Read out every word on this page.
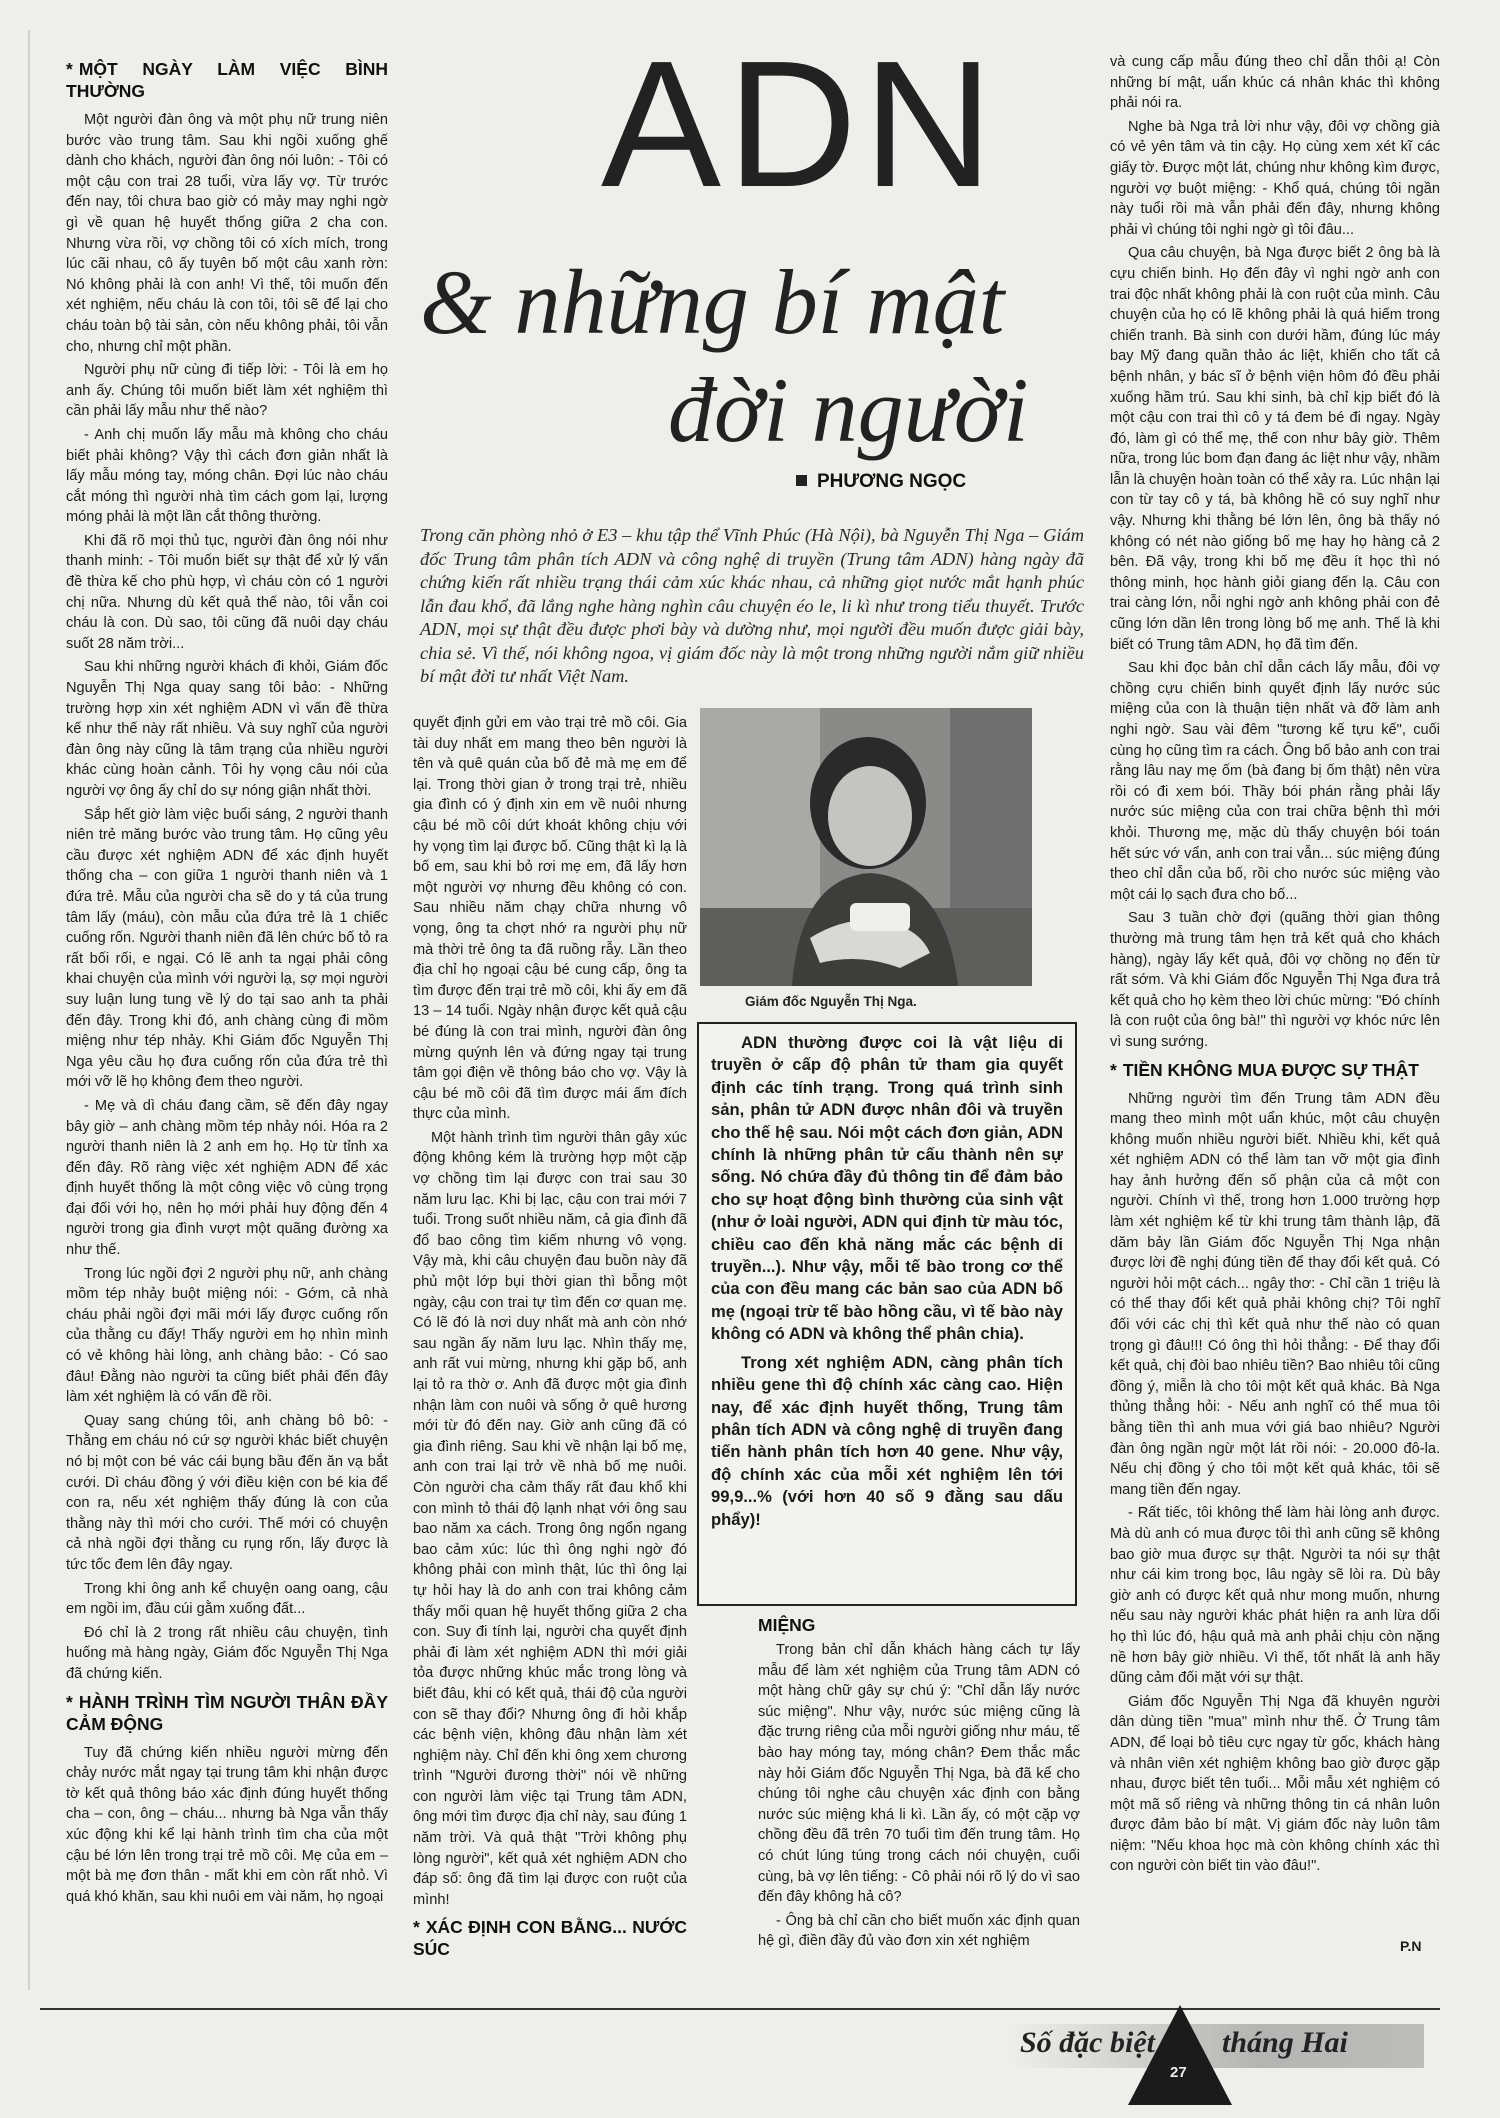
* MỘT NGÀY LÀM VIỆC BÌNH THƯỜNG

Một người đàn ông và một phụ nữ trung niên bước vào trung tâm. Sau khi ngồi xuống ghế dành cho khách, người đàn ông nói luôn: - Tôi có một cậu con trai 28 tuổi, vừa lấy vợ. Từ trước đến nay, tôi chưa bao giờ có mảy may nghi ngờ gì về quan hệ huyết thống giữa 2 cha con. Nhưng vừa rồi, vợ chồng tôi có xích mích, trong lúc cãi nhau, cô ấy tuyên bố một câu xanh rờn: Nó không phải là con anh! Vì thế, tôi muốn đến xét nghiệm, nếu cháu là con tôi, tôi sẽ để lại cho cháu toàn bộ tài sản, còn nếu không phải, tôi vẫn cho, nhưng chỉ một phần.

Người phụ nữ cùng đi tiếp lời: - Tôi là em họ anh ấy. Chúng tôi muốn biết làm xét nghiệm thì cần phải lấy mẫu như thế nào?

- Anh chị muốn lấy mẫu mà không cho cháu biết phải không? Vậy thì cách đơn giản nhất là lấy mẫu móng tay, móng chân. Đợi lúc nào cháu cắt móng thì người nhà tìm cách gom lại, lượng móng phải là một lần cắt thông thường.

Khi đã rõ mọi thủ tục, người đàn ông nói như thanh minh: - Tôi muốn biết sự thật để xử lý vấn đề thừa kế cho phù hợp, vì cháu còn có 1 người chị nữa. Nhưng dù kết quả thế nào, tôi vẫn coi cháu là con. Dù sao, tôi cũng đã nuôi dạy cháu suốt 28 năm trời...

Sau khi những người khách đi khỏi, Giám đốc Nguyễn Thị Nga quay sang tôi bảo: - Những trường hợp xin xét nghiệm ADN vì vấn đề thừa kế như thế này rất nhiều. Và suy nghĩ của người đàn ông này cũng là tâm trạng của nhiều người khác cùng hoàn cảnh. Tôi hy vọng câu nói của người vợ ông ấy chỉ do sự nóng giận nhất thời.

Sắp hết giờ làm việc buổi sáng, 2 người thanh niên trẻ măng bước vào trung tâm. Họ cũng yêu cầu được xét nghiệm ADN để xác định huyết thống cha – con giữa 1 người thanh niên và 1 đứa trẻ. Mẫu của người cha sẽ do y tá của trung tâm lấy (máu), còn mẫu của đứa trẻ là 1 chiếc cuống rốn. Người thanh niên đã lên chức bố tỏ ra rất bối rối, e ngại. Có lẽ anh ta ngại phải công khai chuyện của mình với người lạ, sợ mọi người suy luận lung tung về lý do tại sao anh ta phải đến đây. Trong khi đó, anh chàng cùng đi mồm miệng như tép nhảy. Khi Giám đốc Nguyễn Thị Nga yêu cầu họ đưa cuống rốn của đứa trẻ thì mới vỡ lẽ họ không đem theo người.

- Mẹ và dì cháu đang cầm, sẽ đến đây ngay bây giờ – anh chàng mồm tép nhảy nói. Hóa ra 2 người thanh niên là 2 anh em họ. Họ từ tỉnh xa đến đây. Rõ ràng việc xét nghiệm ADN để xác định huyết thống là một công việc vô cùng trọng đại đối với họ, nên họ mới phải huy động đến 4 người trong gia đình vượt một quãng đường xa như thế.

Trong lúc ngồi đợi 2 người phụ nữ, anh chàng mồm tép nhảy buột miệng nói: - Gớm, cả nhà cháu phải ngồi đợi mãi mới lấy được cuống rốn của thằng cu đấy! Thấy người em họ nhìn mình có vẻ không hài lòng, anh chàng bảo: - Có sao đâu! Đằng nào người ta cũng biết phải đến đây làm xét nghiệm là có vấn đề rồi.

Quay sang chúng tôi, anh chàng bô bô: - Thằng em cháu nó cứ sợ người khác biết chuyện nó bị một con bé vác cái bụng bầu đến ăn vạ bắt cưới. Dì cháu đồng ý với điều kiện con bé kia để con ra, nếu xét nghiệm thấy đúng là con của thằng này thì mới cho cưới. Thế mới có chuyện cả nhà ngồi đợi thằng cu rụng rốn, lấy được là tức tốc đem lên đây ngay.

Trong khi ông anh kể chuyện oang oang, cậu em ngồi im, đầu cúi gằm xuống đất...

Đó chỉ là 2 trong rất nhiều câu chuyện, tình huống mà hàng ngày, Giám đốc Nguyễn Thị Nga đã chứng kiến.

* HÀNH TRÌNH TÌM NGƯỜI THÂN ĐẦY CẢM ĐỘNG

Tuy đã chứng kiến nhiều người mừng đến chảy nước mắt ngay tại trung tâm khi nhận được tờ kết quả thông báo xác định đúng huyết thống cha – con, ông – cháu... nhưng bà Nga vẫn thấy xúc động khi kể lại hành trình tìm cha của một cậu bé lớn lên trong trại trẻ mồ côi. Mẹ của em – một bà mẹ đơn thân - mất khi em còn rất nhỏ. Vì quá khó khăn, sau khi nuôi em vài năm, họ ngoại

ADN
& những bí mật
đời người
PHƯƠNG NGỌC
Trong căn phòng nhỏ ở E3 – khu tập thể Vĩnh Phúc (Hà Nội), bà Nguyễn Thị Nga – Giám đốc Trung tâm phân tích ADN và công nghệ di truyền (Trung tâm ADN) hàng ngày đã chứng kiến rất nhiều trạng thái cảm xúc khác nhau, cả những giọt nước mắt hạnh phúc lẫn đau khổ, đã lắng nghe hàng nghìn câu chuyện éo le, li kì như trong tiểu thuyết. Trước ADN, mọi sự thật đều được phơi bày và dường như, mọi người đều muốn được giải bày, chia sẻ. Vì thế, nói không ngoa, vị giám đốc này là một trong những người nắm giữ nhiều bí mật đời tư nhất Việt Nam.

quyết định gửi em vào trại trẻ mồ côi. Gia tài duy nhất em mang theo bên người là tên và quê quán của bố đẻ mà mẹ em để lại. Trong thời gian ở trong trại trẻ, nhiều gia đình có ý định xin em về nuôi nhưng cậu bé mồ côi dứt khoát không chịu với hy vọng tìm lại được bố. Cũng thật kì lạ là bố em, sau khi bỏ rơi mẹ em, đã lấy hơn một người vợ nhưng đều không có con. Sau nhiều năm chạy chữa nhưng vô vọng, ông ta chợt nhớ ra người phụ nữ mà thời trẻ ông ta đã ruồng rẫy. Lần theo địa chỉ họ ngoại cậu bé cung cấp, ông ta tìm được đến trại trẻ mồ côi, khi ấy em đã 13 – 14 tuổi. Ngày nhận được kết quả cậu bé đúng là con trai mình, người đàn ông mừng quýnh lên và đứng ngay tại trung tâm gọi điện về thông báo cho vợ. Vậy là cậu bé mồ côi đã tìm được mái ấm đích thực của mình.

Một hành trình tìm người thân gây xúc động không kém là trường hợp một cặp vợ chồng tìm lại được con trai sau 30 năm lưu lạc. Khi bị lạc, cậu con trai mới 7 tuổi. Trong suốt nhiều năm, cả gia đình đã đổ bao công tìm kiếm nhưng vô vọng. Vậy mà, khi câu chuyện đau buồn này đã phủ một lớp bụi thời gian thì bỗng một ngày, cậu con trai tự tìm đến cơ quan mẹ. Có lẽ đó là nơi duy nhất mà anh còn nhớ sau ngần ấy năm lưu lạc. Nhìn thấy mẹ, anh rất vui mừng, nhưng khi gặp bố, anh lại tỏ ra thờ ơ. Anh đã được một gia đình nhận làm con nuôi và sống ở quê hương mới từ đó đến nay. Giờ anh cũng đã có gia đình riêng. Sau khi về nhận lại bố mẹ, anh con trai lại trở về nhà bố mẹ nuôi. Còn người cha cảm thấy rất đau khổ khi con mình tỏ thái độ lạnh nhạt với ông sau bao năm xa cách. Trong ông ngổn ngang bao cảm xúc: lúc thì ông nghi ngờ đó không phải con mình thật, lúc thì ông lại tự hỏi hay là do anh con trai không cảm thấy mối quan hệ huyết thống giữa 2 cha con. Suy đi tính lại, người cha quyết định phải đi làm xét nghiệm ADN thì mới giải tỏa được những khúc mắc trong lòng và biết đâu, khi có kết quả, thái độ của người con sẽ thay đổi? Nhưng ông đi hỏi khắp các bệnh viện, không đâu nhận làm xét nghiệm này. Chỉ đến khi ông xem chương trình "Người đương thời" nói về những con người làm việc tại Trung tâm ADN, ông mới tìm được địa chỉ này, sau đúng 1 năm trời. Và quả thật "Trời không phụ lòng người", kết quả xét nghiệm ADN cho đáp số: ông đã tìm lại được con ruột của mình!

* XÁC ĐỊNH CON BẰNG... NƯỚC SÚC
Giám đốc Nguyễn Thị Nga.

ADN thường được coi là vật liệu di truyền ở cấp độ phân tử tham gia quyết định các tính trạng. Trong quá trình sinh sản, phân tử ADN được nhân đôi và truyền cho thế hệ sau. Nói một cách đơn giản, ADN chính là những phân tử cấu thành nên sự sống. Nó chứa đầy đủ thông tin để đảm bảo cho sự hoạt động bình thường của sinh vật (như ở loài người, ADN qui định từ màu tóc, chiều cao đến khả năng mắc các bệnh di truyền...). Như vậy, mỗi tế bào trong cơ thể của con đều mang các bản sao của ADN bố mẹ (ngoại trừ tế bào hồng cầu, vì tế bào này không có ADN và không thể phân chia).

Trong xét nghiệm ADN, càng phân tích nhiều gene thì độ chính xác càng cao. Hiện nay, để xác định huyết thống, Trung tâm phân tích ADN và công nghệ di truyền đang tiến hành phân tích hơn 40 gene. Như vậy, độ chính xác của mỗi xét nghiệm lên tới 99,9...% (với hơn 40 số 9 đằng sau dấu phẩy)!

MIỆNG

Trong bản chỉ dẫn khách hàng cách tự lấy mẫu để làm xét nghiệm của Trung tâm ADN có một hàng chữ gây sự chú ý: "Chỉ dẫn lấy nước súc miệng". Như vậy, nước súc miệng cũng là đặc trưng riêng của mỗi người giống như máu, tế bào hay móng tay, móng chân? Đem thắc mắc này hỏi Giám đốc Nguyễn Thị Nga, bà đã kể cho chúng tôi nghe câu chuyện xác định con bằng nước súc miệng khá li kì. Lần ấy, có một cặp vợ chồng đều đã trên 70 tuổi tìm đến trung tâm. Họ có chút lúng túng trong cách nói chuyện, cuối cùng, bà vợ lên tiếng: - Cô phải nói rõ lý do vì sao đến đây không hả cô?

- Ông bà chỉ cần cho biết muốn xác định quan hệ gì, điền đầy đủ vào đơn xin xét nghiệm

và cung cấp mẫu đúng theo chỉ dẫn thôi ạ! Còn những bí mật, uẩn khúc cá nhân khác thì không phải nói ra.

Nghe bà Nga trả lời như vậy, đôi vợ chồng già có vẻ yên tâm và tin cậy. Họ cùng xem xét kĩ các giấy tờ. Được một lát, chúng như không kìm được, người vợ buột miệng: - Khổ quá, chúng tôi ngần này tuổi rồi mà vẫn phải đến đây, nhưng không phải vì chúng tôi nghi ngờ gì tôi đâu...

Qua câu chuyện, bà Nga được biết 2 ông bà là cựu chiến binh. Họ đến đây vì nghi ngờ anh con trai độc nhất không phải là con ruột của mình. Câu chuyện của họ có lẽ không phải là quá hiếm trong chiến tranh. Bà sinh con dưới hầm, đúng lúc máy bay Mỹ đang quần thảo ác liệt, khiến cho tất cả bệnh nhân, y bác sĩ ở bệnh viện hôm đó đều phải xuống hầm trú. Sau khi sinh, bà chỉ kịp biết đó là một cậu con trai thì cô y tá đem bé đi ngay. Ngày đó, làm gì có thể mẹ, thế con như bây giờ. Thêm nữa, trong lúc bom đạn đang ác liệt như vậy, nhầm lẫn là chuyện hoàn toàn có thể xảy ra. Lúc nhận lại con từ tay cô y tá, bà không hề có suy nghĩ như vậy. Nhưng khi thằng bé lớn lên, ông bà thấy nó không có nét nào giống bố mẹ hay họ hàng cả 2 bên. Đã vậy, trong khi bố mẹ đều ít học thì nó thông minh, học hành giỏi giang đến lạ. Câu con trai càng lớn, nỗi nghi ngờ anh không phải con đẻ cũng lớn dần lên trong lòng bố mẹ anh. Thế là khi biết có Trung tâm ADN, họ đã tìm đến.

Sau khi đọc bản chỉ dẫn cách lấy mẫu, đôi vợ chồng cựu chiến binh quyết định lấy nước súc miệng của con là thuận tiện nhất và đỡ làm anh nghi ngờ. Sau vài đêm "tương kế tựu kế", cuối cùng họ cũng tìm ra cách. Ông bố bảo anh con trai rằng lâu nay mẹ ốm (bà đang bị ốm thật) nên vừa rồi có đi xem bói. Thầy bói phán rằng phải lấy nước súc miệng của con trai chữa bệnh thì mới khỏi. Thương mẹ, mặc dù thấy chuyện bói toán hết sức vớ vẩn, anh con trai vẫn... súc miệng đúng theo chỉ dẫn của bố, rồi cho nước súc miệng vào một cái lọ sạch đưa cho bố...

Sau 3 tuần chờ đợi (quãng thời gian thông thường mà trung tâm hẹn trả kết quả cho khách hàng), ngày lấy kết quả, đôi vợ chồng nọ đến từ rất sớm. Và khi Giám đốc Nguyễn Thị Nga đưa trả kết quả cho họ kèm theo lời chúc mừng: "Đó chính là con ruột của ông bà!" thì người vợ khóc nức lên vì sung sướng.

* TIỀN KHÔNG MUA ĐƯỢC SỰ THẬT

Những người tìm đến Trung tâm ADN đều mang theo mình một uẩn khúc, một câu chuyện không muốn nhiều người biết. Nhiều khi, kết quả xét nghiệm ADN có thể làm tan vỡ một gia đình hay ảnh hưởng đến số phận của cả một con người. Chính vì thế, trong hơn 1.000 trường hợp làm xét nghiệm kể từ khi trung tâm thành lập, đã dăm bảy lần Giám đốc Nguyễn Thị Nga nhận được lời đề nghị đúng tiền để thay đổi kết quả. Có người hỏi một cách... ngây thơ: - Chỉ cần 1 triệu là có thể thay đổi kết quả phải không chị? Tôi nghĩ đối với các chị thì kết quả như thế nào có quan trọng gì đâu!!! Có ông thì hỏi thẳng: - Để thay đổi kết quả, chị đòi bao nhiêu tiền? Bao nhiêu tôi cũng đồng ý, miễn là cho tôi một kết quả khác. Bà Nga thủng thẳng hỏi: - Nếu anh nghĩ có thể mua tôi bằng tiền thì anh mua với giá bao nhiêu? Người đàn ông ngần ngừ một lát rồi nói: - 20.000 đô-la. Nếu chị đồng ý cho tôi một kết quả khác, tôi sẽ mang tiền đến ngay.

- Rất tiếc, tôi không thể làm hài lòng anh được. Mà dù anh có mua được tôi thì anh cũng sẽ không bao giờ mua được sự thật. Người ta nói sự thật như cái kim trong bọc, lâu ngày sẽ lòi ra. Dù bây giờ anh có được kết quả như mong muốn, nhưng nếu sau này người khác phát hiện ra anh lừa dối họ thì lúc đó, hậu quả mà anh phải chịu còn nặng nề hơn bây giờ nhiều. Vì thế, tốt nhất là anh hãy dũng cảm đối mặt với sự thật.

Giám đốc Nguyễn Thị Nga đã khuyên người dân dùng tiền "mua" mình như thế. Ở Trung tâm ADN, để loại bỏ tiêu cực ngay từ gốc, khách hàng và nhân viên xét nghiệm không bao giờ được gặp nhau, được biết tên tuổi... Mỗi mẫu xét nghiệm có một mã số riêng và những thông tin cá nhân luôn được đảm bảo bí mật. Vị giám đốc này luôn tâm niệm: "Nếu khoa học mà còn không chính xác thì con người còn biết tin vào đâu!".

P.N
Số đặc biệt tháng Hai
27
